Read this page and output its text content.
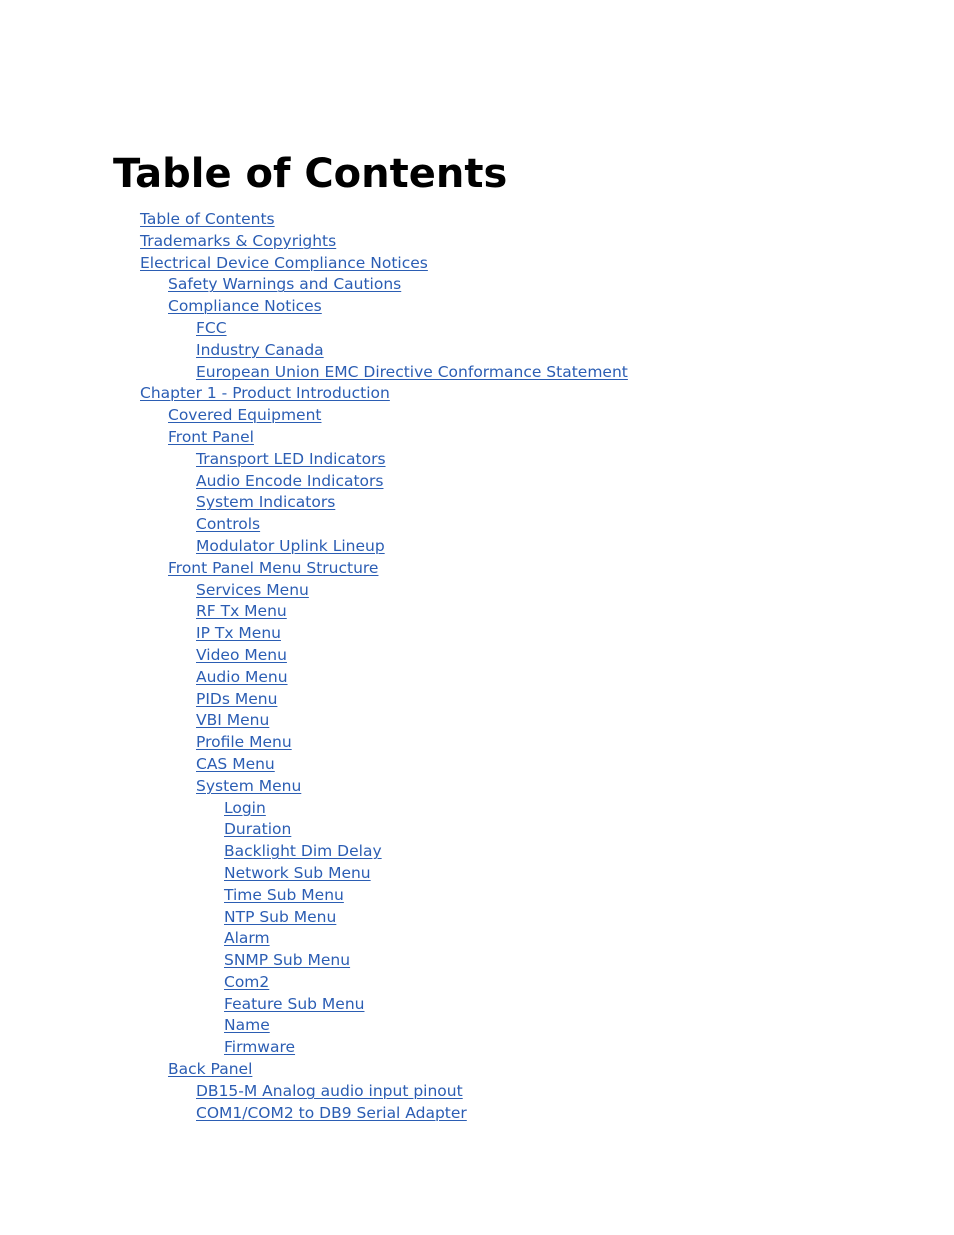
Table of Contents
Table of Contents
Trademarks & Copyrights
Electrical Device Compliance Notices
Safety Warnings and Cautions
Compliance Notices
FCC
Industry Canada
European Union EMC Directive Conformance Statement
Chapter 1 - Product Introduction
Covered Equipment
Front Panel
Transport LED Indicators
Audio Encode Indicators
System Indicators
Controls
Modulator Uplink Lineup
Front Panel Menu Structure
Services Menu
RF Tx Menu
IP Tx Menu
Video Menu
Audio Menu
PIDs Menu
VBI Menu
Profile Menu
CAS Menu
System Menu
Login
Duration
Backlight Dim Delay
Network Sub Menu
Time Sub Menu
NTP Sub Menu
Alarm
SNMP Sub Menu
Com2
Feature Sub Menu
Name
Firmware
Back Panel
DB15-M Analog audio input pinout
COM1/COM2 to DB9 Serial Adapter
